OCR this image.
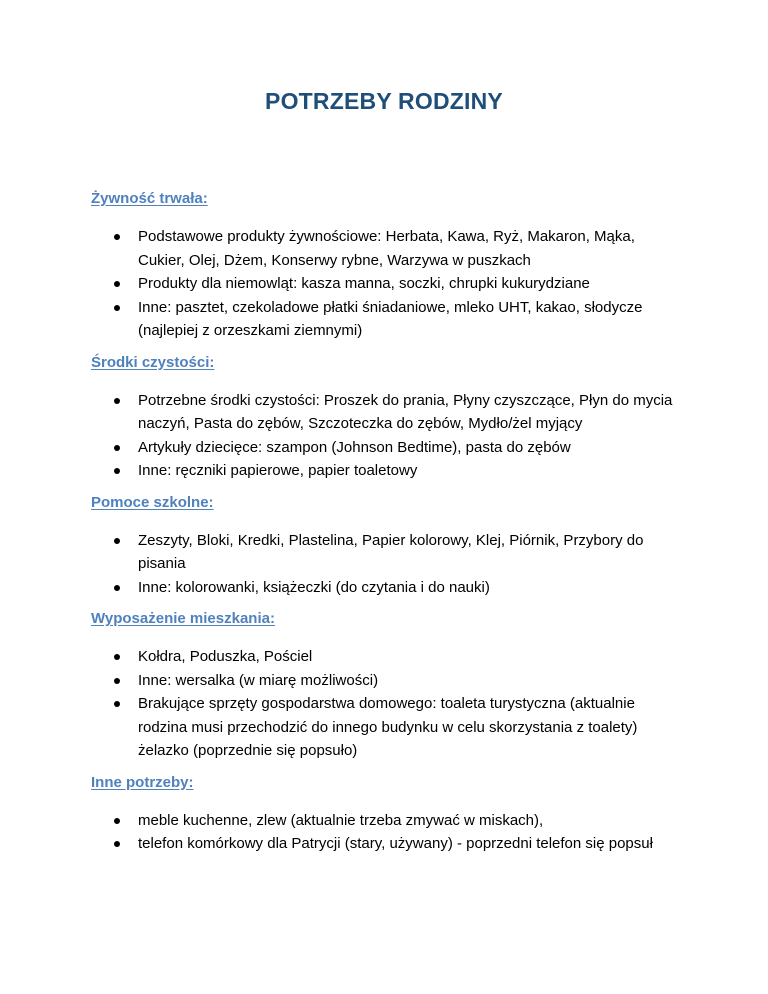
POTRZEBY RODZINY
Żywność trwała:
Podstawowe produkty żywnościowe: Herbata, Kawa, Ryż, Makaron, Mąka, Cukier, Olej, Dżem, Konserwy rybne, Warzywa w puszkach
Produkty dla niemowląt: kasza manna, soczki, chrupki kukurydziane
Inne: pasztet, czekoladowe płatki śniadaniowe, mleko UHT, kakao, słodycze (najlepiej z orzeszkami ziemnymi)
Środki czystości:
Potrzebne środki czystości: Proszek do prania, Płyny czyszczące, Płyn do mycia naczyń, Pasta do zębów, Szczoteczka do zębów, Mydło/żel myjący
Artykuły dziecięce: szampon (Johnson Bedtime), pasta do zębów
Inne: ręczniki papierowe, papier toaletowy
Pomoce szkolne:
Zeszyty, Bloki, Kredki, Plastelina, Papier kolorowy, Klej, Piórnik, Przybory do pisania
Inne: kolorowanki, książeczki (do czytania i do nauki)
Wyposażenie mieszkania:
Kołdra, Poduszka, Pościel
Inne: wersalka (w miarę możliwości)
Brakujące sprzęty gospodarstwa domowego: toaleta turystyczna (aktualnie rodzina musi przechodzić do innego budynku w celu skorzystania z toalety) żelazko (poprzednie się popsuło)
Inne potrzeby:
meble kuchenne, zlew (aktualnie trzeba zmywać w miskach),
telefon komórkowy dla Patrycji (stary, używany) - poprzedni telefon się popsuł
